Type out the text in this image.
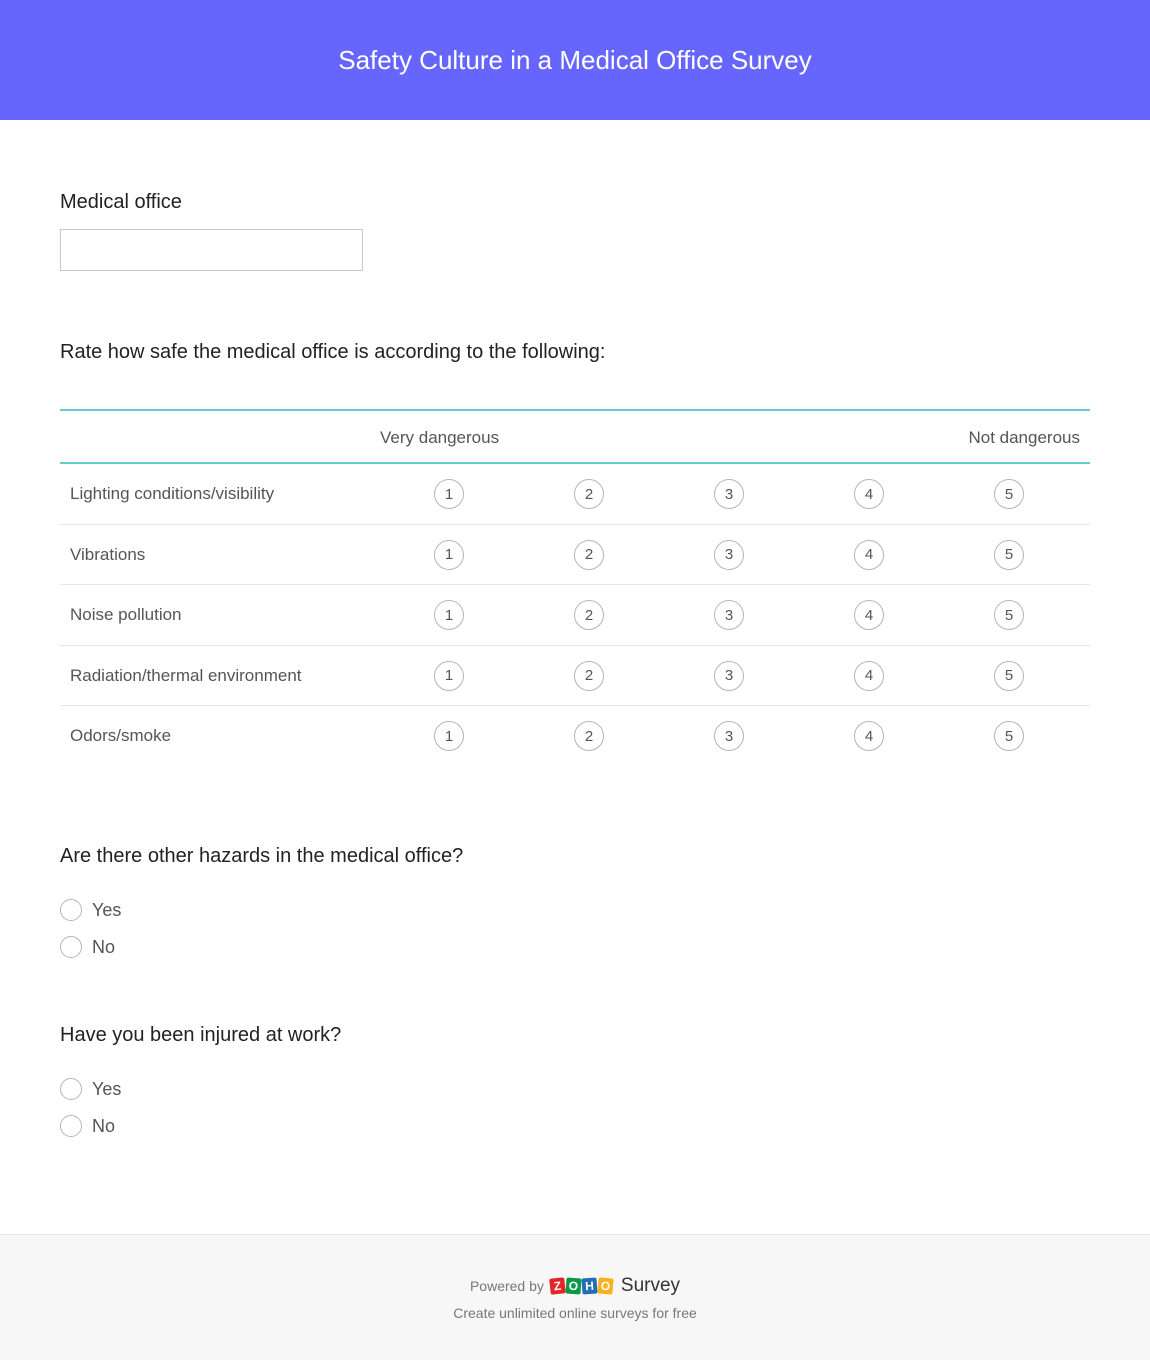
Safety Culture in a Medical Office Survey
Medical office
Rate how safe the medical office is according to the following:
Very dangerous	Not dangerous
Lighting conditions/visibility	1	2	3	4	5
Vibrations	1	2	3	4	5
Noise pollution	1	2	3	4	5
Radiation/thermal environment	1	2	3	4	5
Odors/smoke	1	2	3	4	5
Are there other hazards in the medical office?
Yes
No
Have you been injured at work?
Yes
No
Powered by Z O H O Survey
Create unlimited online surveys for free
